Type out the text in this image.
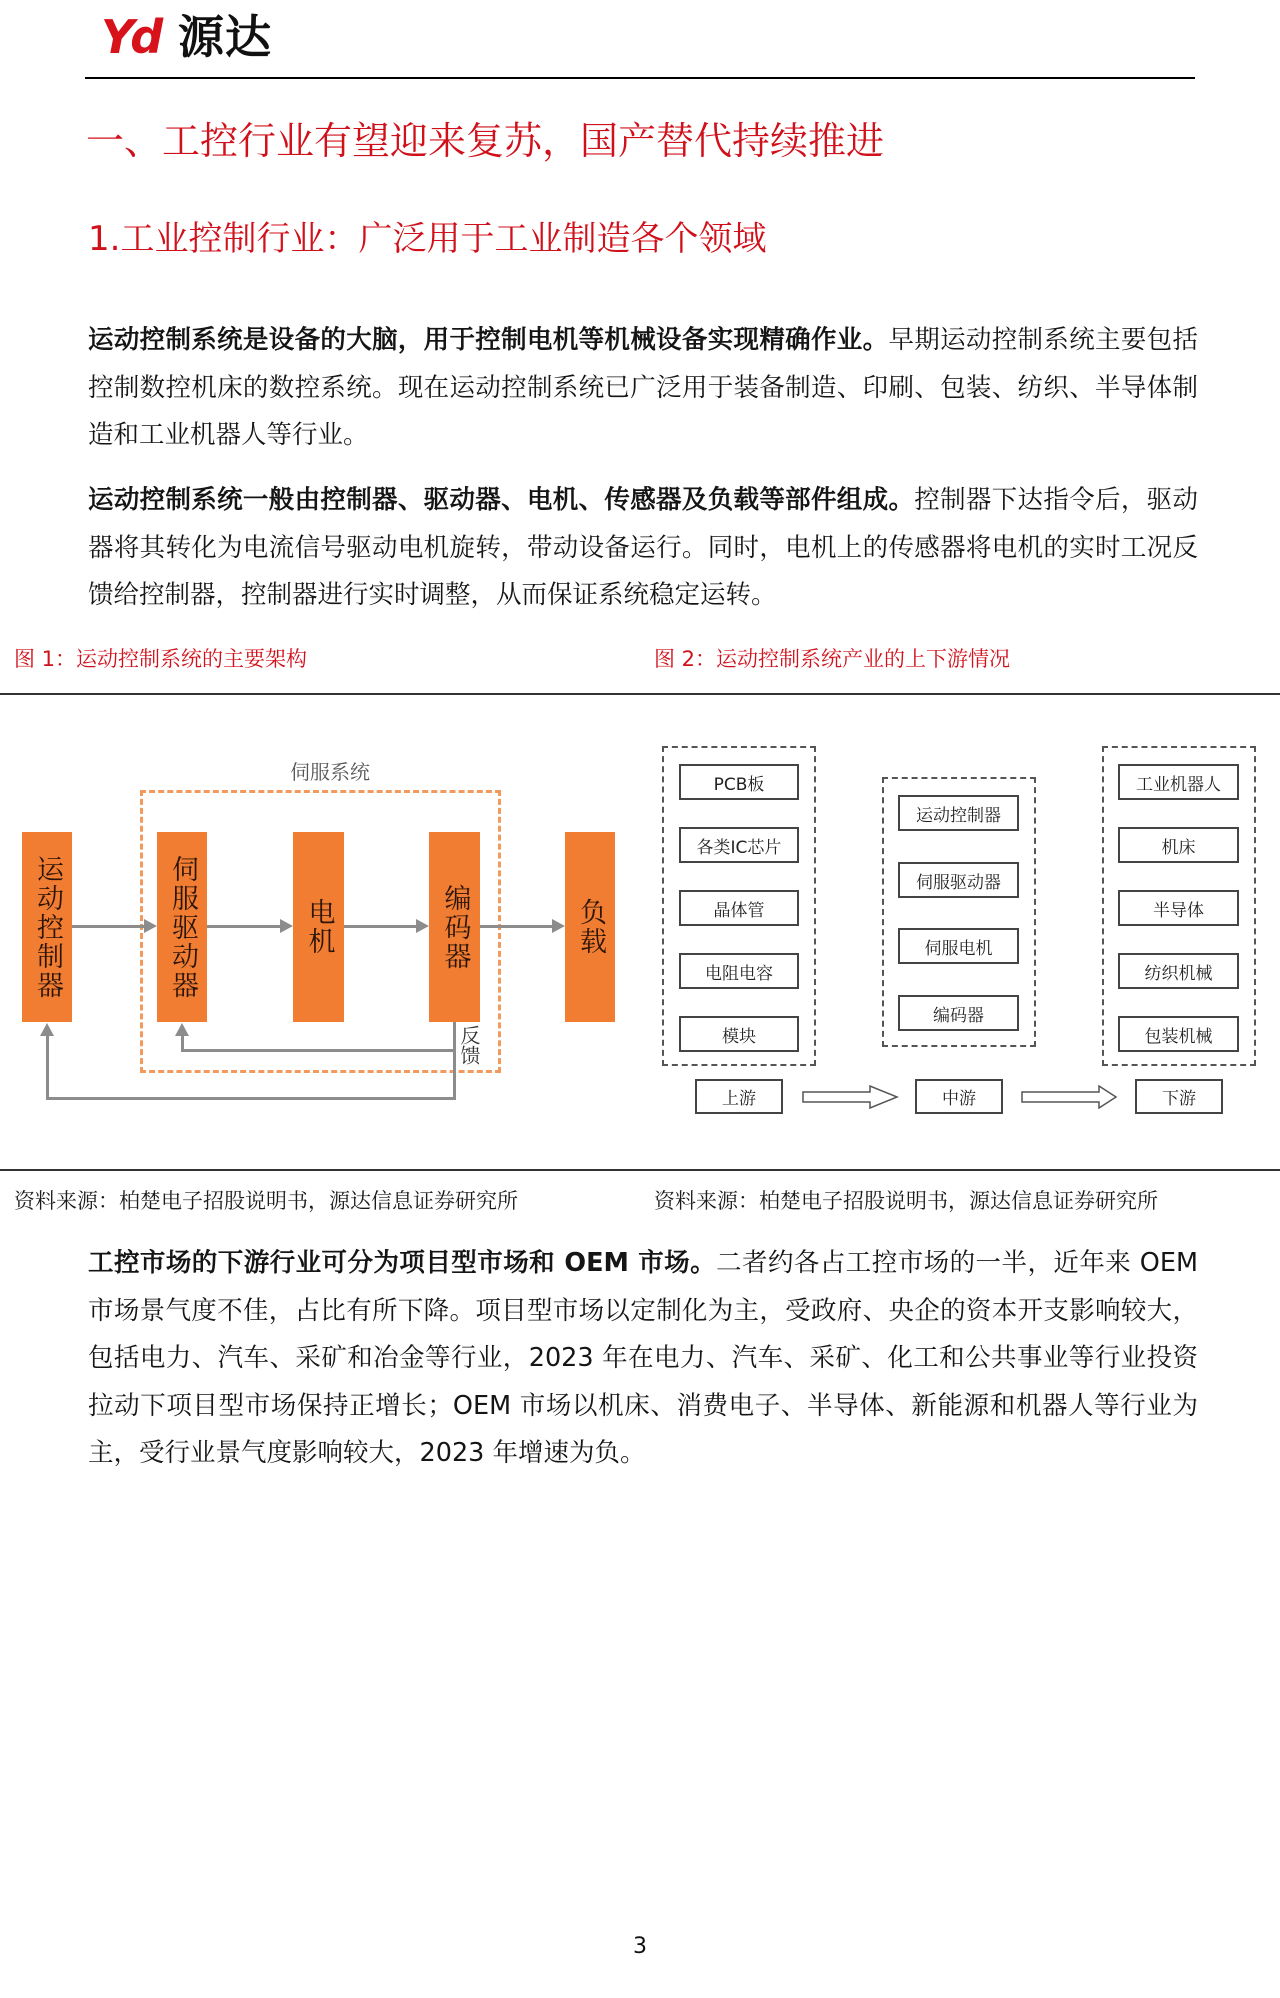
Yd 源达
一、工控行业有望迎来复苏，国产替代持续推进
1.工业控制行业：广泛用于工业制造各个领域
运动控制系统是设备的大脑，用于控制电机等机械设备实现精确作业。早期运动控制系统主要包括控制数控机床的数控系统。现在运动控制系统已广泛用于装备制造、印刷、包装、纺织、半导体制造和工业机器人等行业。
运动控制系统一般由控制器、驱动器、电机、传感器及负载等部件组成。控制器下达指令后，驱动器将其转化为电流信号驱动电机旋转，带动设备运行。同时，电机上的传感器将电机的实时工况反馈给控制器，控制器进行实时调整，从而保证系统稳定运转。
图 1：运动控制系统的主要架构	图 2：运动控制系统产业的上下游情况
伺服系统
运动控制器	伺服驱动器	电机	编码器	负载
反馈
PCB板
各类IC芯片
晶体管
电阻电容
模块
上游
运动控制器
伺服驱动器
伺服电机
编码器
中游
工业机器人
机床
半导体
纺织机械
包装机械
下游
资料来源：柏楚电子招股说明书，源达信息证券研究所	资料来源：柏楚电子招股说明书，源达信息证券研究所
工控市场的下游行业可分为项目型市场和 OEM 市场。二者约各占工控市场的一半，近年来 OEM 市场景气度不佳，占比有所下降。项目型市场以定制化为主，受政府、央企的资本开支影响较大，包括电力、汽车、采矿和冶金等行业，2023 年在电力、汽车、采矿、化工和公共事业等行业投资拉动下项目型市场保持正增长；OEM 市场以机床、消费电子、半导体、新能源和机器人等行业为主，受行业景气度影响较大，2023 年增速为负。
3
